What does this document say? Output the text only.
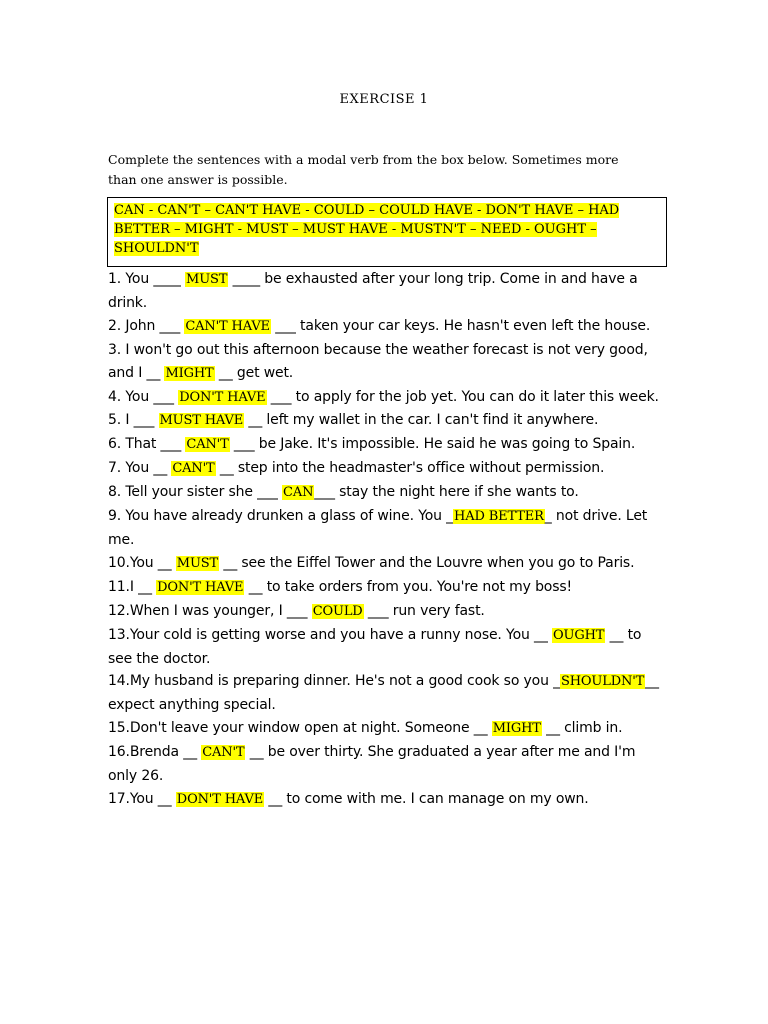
EXERCISE 1
Complete the sentences with a modal verb from the box below. Sometimes more than one answer is possible.
CAN - CAN'T – CAN'T HAVE - COULD – COULD HAVE - DON'T HAVE – HAD BETTER – MIGHT - MUST – MUST HAVE - MUSTN'T – NEED - OUGHT – SHOULDN'T

1. You ____ MUST ____ be exhausted after your long trip. Come in and have a drink.

2. John ___ CAN'T HAVE ___ taken your car keys. He hasn't even left the house.

3. I won't go out this afternoon because the weather forecast is not very good, and I __ MIGHT __ get wet.

4. You ___ DON'T HAVE ___ to apply for the job yet. You can do it later this week.

5. I ___ MUST HAVE __ left my wallet in the car. I can't find it anywhere.

6. That ___ CAN'T ___ be Jake. It's impossible. He said he was going to Spain.

7. You __ CAN'T __ step into the headmaster's office without permission.

8. Tell your sister she ___ CAN___ stay the night here if she wants to.

9. You have already drunken a glass of wine. You _HAD BETTER_ not drive. Let me.

10.You __ MUST __ see the Eiffel Tower and the Louvre when you go to Paris.

11.I __ DON'T HAVE __ to take orders from you. You're not my boss!

12.When I was younger, I ___ COULD ___ run very fast.

13.Your cold is getting worse and you have a runny nose. You __ OUGHT __ to see the doctor.

14.My husband is preparing dinner. He's not a good cook so you _SHOULDN'T__ expect anything special.

15.Don't leave your window open at night. Someone __ MIGHT __ climb in.

16.Brenda __ CAN'T __ be over thirty. She graduated a year after me and I'm only 26.

17.You __ DON'T HAVE __ to come with me. I can manage on my own.
